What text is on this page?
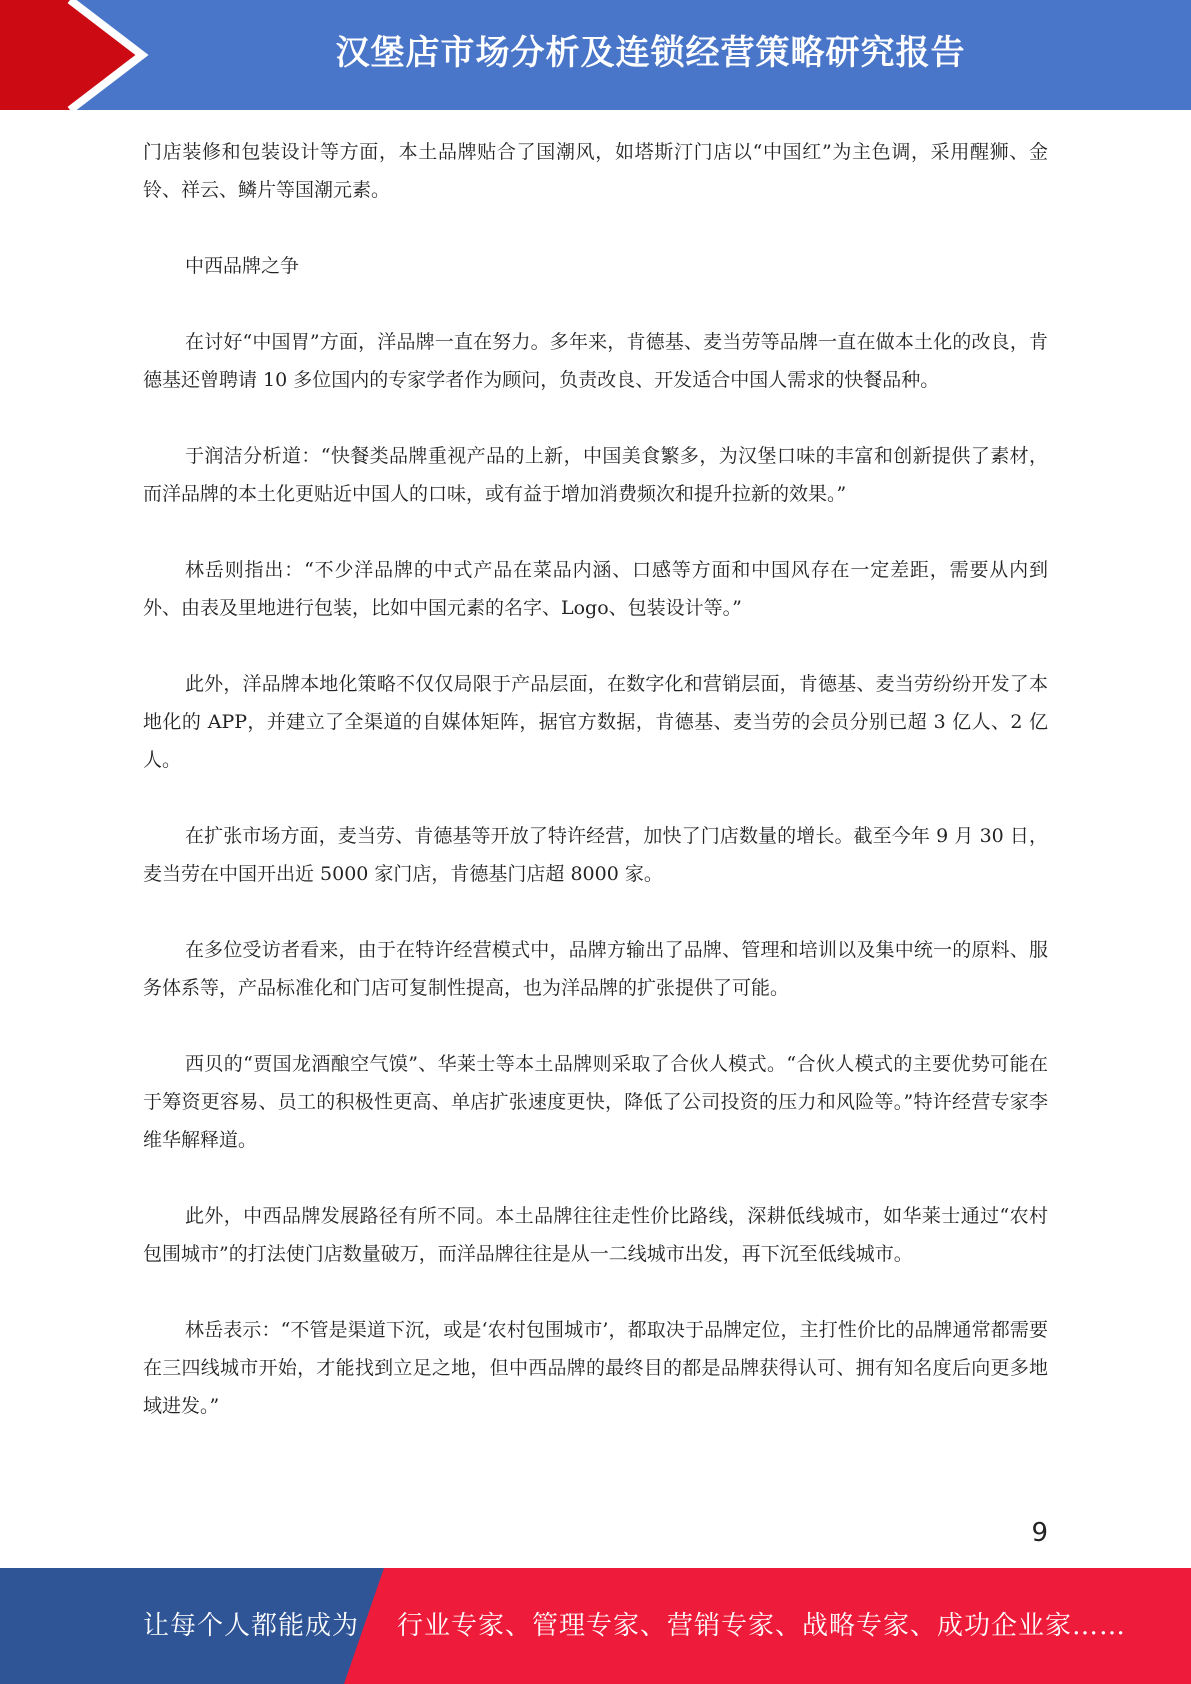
汉堡店市场分析及连锁经营策略研究报告

门店装修和包装设计等方面，本土品牌贴合了国潮风，如塔斯汀门店以“中国红”为主色调，采用醒狮、金铃、祥云、鳞片等国潮元素。

中西品牌之争

在讨好“中国胃”方面，洋品牌一直在努力。多年来，肯德基、麦当劳等品牌一直在做本土化的改良，肯德基还曾聘请 10 多位国内的专家学者作为顾问，负责改良、开发适合中国人需求的快餐品种。

于润洁分析道：“快餐类品牌重视产品的上新，中国美食繁多，为汉堡口味的丰富和创新提供了素材，而洋品牌的本土化更贴近中国人的口味，或有益于增加消费频次和提升拉新的效果。”

林岳则指出：“不少洋品牌的中式产品在菜品内涵、口感等方面和中国风存在一定差距，需要从内到外、由表及里地进行包装，比如中国元素的名字、Logo、包装设计等。”

此外，洋品牌本地化策略不仅仅局限于产品层面，在数字化和营销层面，肯德基、麦当劳纷纷开发了本地化的 APP，并建立了全渠道的自媒体矩阵，据官方数据，肯德基、麦当劳的会员分别已超 3 亿人、2 亿人。

在扩张市场方面，麦当劳、肯德基等开放了特许经营，加快了门店数量的增长。截至今年 9 月 30 日，麦当劳在中国开出近 5000 家门店，肯德基门店超 8000 家。

在多位受访者看来，由于在特许经营模式中，品牌方输出了品牌、管理和培训以及集中统一的原料、服务体系等，产品标准化和门店可复制性提高，也为洋品牌的扩张提供了可能。

西贝的“贾国龙酒酿空气馍”、华莱士等本土品牌则采取了合伙人模式。“合伙人模式的主要优势可能在于筹资更容易、员工的积极性更高、单店扩张速度更快，降低了公司投资的压力和风险等。”特许经营专家李维华解释道。

此外，中西品牌发展路径有所不同。本土品牌往往走性价比路线，深耕低线城市，如华莱士通过“农村包围城市”的打法使门店数量破万，而洋品牌往往是从一二线城市出发，再下沉至低线城市。

林岳表示：“不管是渠道下沉，或是‘农村包围城市’，都取决于品牌定位，主打性价比的品牌通常都需要在三四线城市开始，才能找到立足之地，但中西品牌的最终目的都是品牌获得认可、拥有知名度后向更多地域进发。”

9
让每个人都能成为 行业专家、管理专家、营销专家、战略专家、成功企业家……
